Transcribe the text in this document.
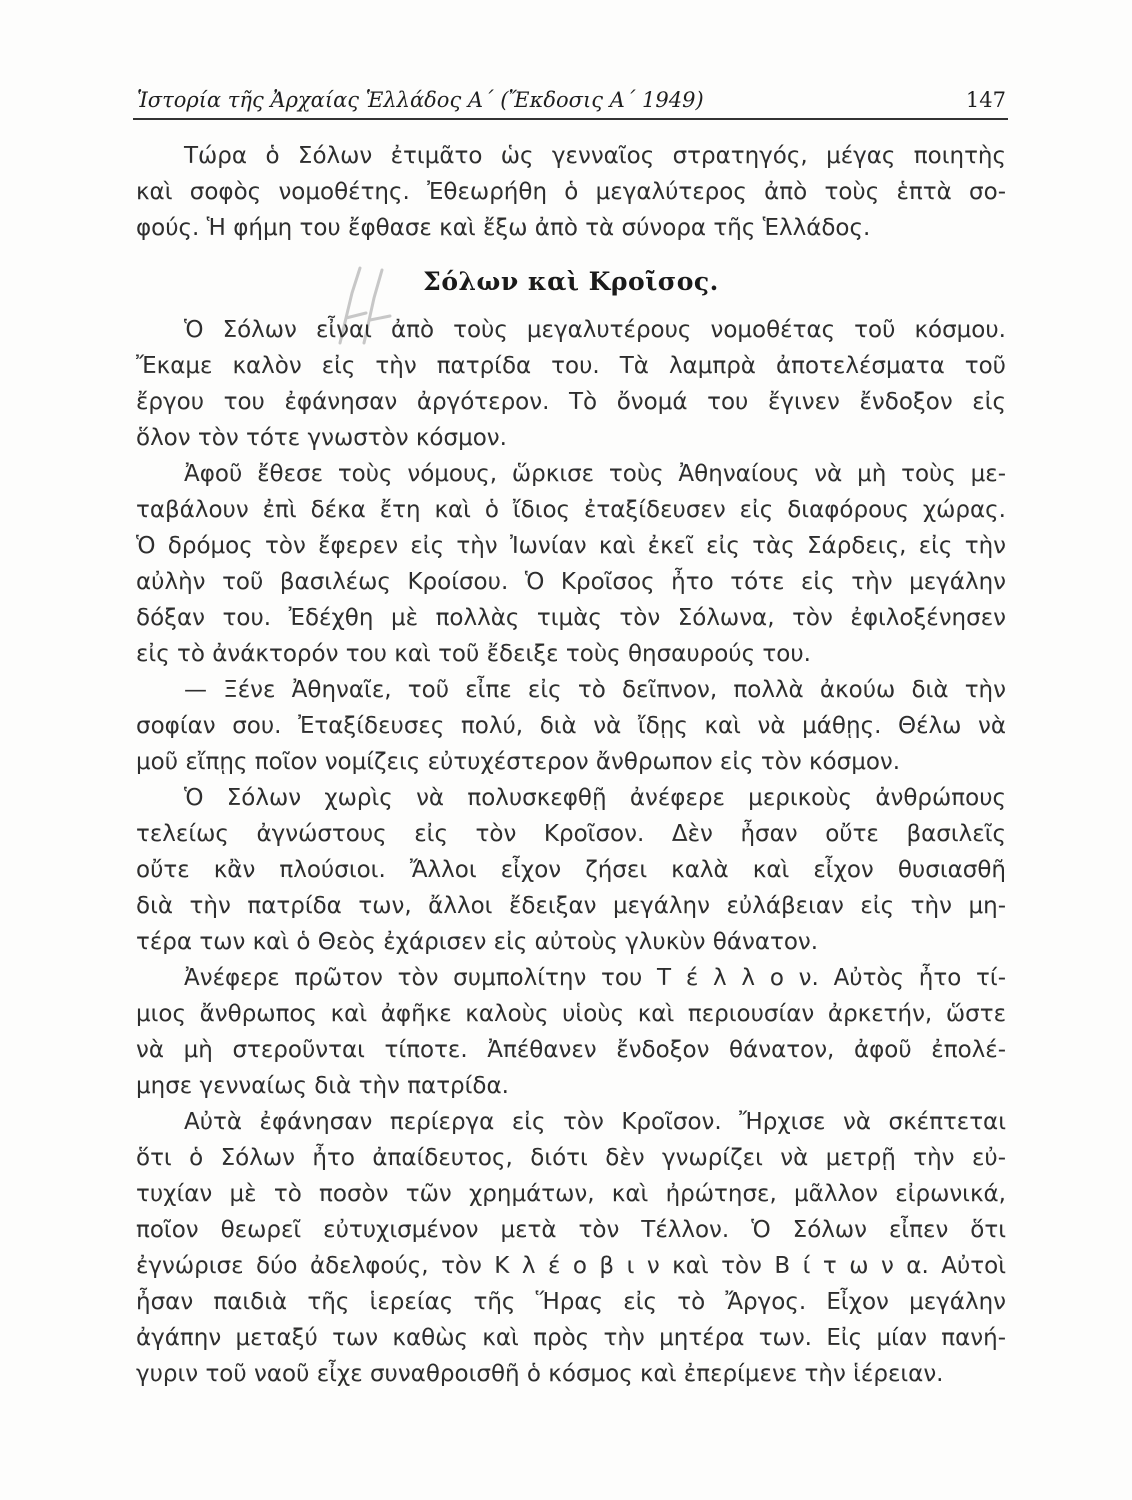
Ἱστορία τῆς Ἀρχαίας Ἑλλάδος Α΄ (Ἔκδοσις Α΄ 1949)	147
Τώρα ὁ Σόλων ἐτιμᾶτο ὡς γενναῖος στρατηγός, μέγας ποιητὴς
καὶ σοφὸς νομοθέτης. Ἐθεωρήθη ὁ μεγαλύτερος ἀπὸ τοὺς ἑπτὰ σο-
φούς. Ἡ φήμη του ἔφθασε καὶ ἔξω ἀπὸ τὰ σύνορα τῆς Ἑλλάδος.
Σόλων καὶ Κροῖσος.
Ὁ Σόλων εἶναι ἀπὸ τοὺς μεγαλυτέρους νομοθέτας τοῦ κόσμου.
Ἔκαμε καλὸν εἰς τὴν πατρίδα του. Τὰ λαμπρὰ ἀποτελέσματα τοῦ
ἔργου του ἐφάνησαν ἀργότερον. Τὸ ὄνομά του ἔγινεν ἔνδοξον εἰς
ὅλον τὸν τότε γνωστὸν κόσμον.
Ἀφοῦ ἔθεσε τοὺς νόμους, ὥρκισε τοὺς Ἀθηναίους νὰ μὴ τοὺς με-
ταβάλουν ἐπὶ δέκα ἔτη καὶ ὁ ἴδιος ἐταξίδευσεν εἰς διαφόρους χώρας.
Ὁ δρόμος τὸν ἔφερεν εἰς τὴν Ἰωνίαν καὶ ἐκεῖ εἰς τὰς Σάρδεις, εἰς τὴν
αὐλὴν τοῦ βασιλέως Κροίσου. Ὁ Κροῖσος ἦτο τότε εἰς τὴν μεγάλην
δόξαν του. Ἐδέχθη μὲ πολλὰς τιμὰς τὸν Σόλωνα, τὸν ἐφιλοξένησεν
εἰς τὸ ἀνάκτορόν του καὶ τοῦ ἔδειξε τοὺς θησαυρούς του.
— Ξένε Ἀθηναῖε, τοῦ εἶπε εἰς τὸ δεῖπνον, πολλὰ ἀκούω διὰ τὴν
σοφίαν σου. Ἐταξίδευσες πολύ, διὰ νὰ ἴδῃς καὶ νὰ μάθῃς. Θέλω νὰ
μοῦ εἴπῃς ποῖον νομίζεις εὐτυχέστερον ἄνθρωπον εἰς τὸν κόσμον.
Ὁ Σόλων χωρὶς νὰ πολυσκεφθῇ ἀνέφερε μερικοὺς ἀνθρώπους
τελείως ἀγνώστους εἰς τὸν Κροῖσον. Δὲν ἦσαν οὔτε βασιλεῖς
οὔτε κἂν πλούσιοι. Ἄλλοι εἶχον ζήσει καλὰ καὶ εἶχον θυσιασθῆ
διὰ τὴν πατρίδα των, ἄλλοι ἔδειξαν μεγάλην εὐλάβειαν εἰς τὴν μη-
τέρα των καὶ ὁ Θεὸς ἐχάρισεν εἰς αὐτοὺς γλυκὺν θάνατον.
Ἀνέφερε πρῶτον τὸν συμπολίτην του Τ έ λ λ ο ν. Αὐτὸς ἦτο τί-
μιος ἄνθρωπος καὶ ἀφῆκε καλοὺς υἱοὺς καὶ περιουσίαν ἀρκετήν, ὥστε
νὰ μὴ στεροῦνται τίποτε. Ἀπέθανεν ἔνδοξον θάνατον, ἀφοῦ ἐπολέ-
μησε γενναίως διὰ τὴν πατρίδα.
Αὐτὰ ἐφάνησαν περίεργα εἰς τὸν Κροῖσον. Ἤρχισε νὰ σκέπτεται
ὅτι ὁ Σόλων ἦτο ἀπαίδευτος, διότι δὲν γνωρίζει νὰ μετρῇ τὴν εὐ-
τυχίαν μὲ τὸ ποσὸν τῶν χρημάτων, καὶ ἠρώτησε, μᾶλλον εἰρωνικά,
ποῖον θεωρεῖ εὐτυχισμένον μετὰ τὸν Τέλλον. Ὁ Σόλων εἶπεν ὅτι
ἐγνώρισε δύο ἀδελφούς, τὸν Κ λ έ ο β ι ν καὶ τὸν Β ί τ ω ν α. Αὐτοὶ
ἦσαν παιδιὰ τῆς ἱερείας τῆς Ἥρας εἰς τὸ Ἄργος. Εἶχον μεγάλην
ἀγάπην μεταξύ των καθὼς καὶ πρὸς τὴν μητέρα των. Εἰς μίαν πανή-
γυριν τοῦ ναοῦ εἶχε συναθροισθῆ ὁ κόσμος καὶ ἐπερίμενε τὴν ἱέρειαν.
